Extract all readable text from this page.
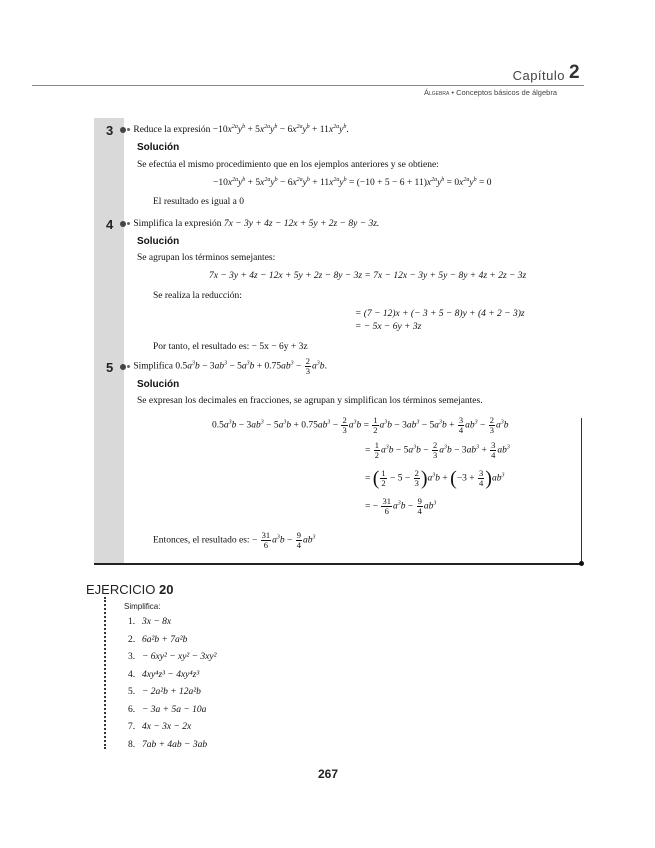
Capítulo 2
Álgebra • Conceptos básicos de álgebra
3	Reduce la expresión $-10x^{2a}y^b + 5x^{2a}y^b - 6x^{2a}y^b + 11x^{2a}y^b$.
Solución
Se efectúa el mismo procedimiento que en los ejemplos anteriores y se obtiene:
$-10x^{2a}y^b + 5x^{2a}y^b - 6x^{2a}y^b + 11x^{2a}y^b = (-10 + 5 - 6 + 11)x^{2a}y^b = 0x^{2a}y^b = 0$
El resultado es igual a 0
4	Simplifica la expresión 7x − 3y + 4z − 12x + 5y + 2z − 8y − 3z.
Solución
Se agrupan los términos semejantes:
7x − 3y + 4z − 12x + 5y + 2z − 8y − 3z = 7x − 12x − 3y + 5y − 8y + 4z + 2z − 3z
Se realiza la reducción:
= (7 − 12)x + (− 3 + 5 − 8)y + (4 + 2 − 3)z
= − 5x − 6y + 3z
Por tanto, el resultado es: − 5x − 6y + 3z
5	Simplifica $0.5a^3b - 3ab^3 - 5a^3b + 0.75ab^3 - \frac{2}{3} a^3b$.
Solución
Se expresan los decimales en fracciones, se agrupan y simplifican los términos semejantes.
$0.5a^3b - 3ab^3 - 5a^3b + 0.75ab^3 - \frac{2}{3} a^3b = \frac{1}{2} a^3b - 3ab^3 - 5a^3b + \frac{3}{4} ab^3 - \frac{2}{3} a^3b$
= $\frac{1}{2} a^3b - 5a^3b - \frac{2}{3} a^3b - 3ab^3 + \frac{3}{4} ab^3$
= ( $\frac{1}{2} - 5 - \frac{2}{3} )a^3b + (-3 + \frac{3}{4} )ab^3$
= − $\frac{31}{6} a^3b - \frac{9}{4} ab^3$
Entonces, el resultado es: − $\frac{31}{6} a^3b - \frac{9}{4} ab^3$
EJERCICIO 20
Simplifica:
1. 3x − 8x
2. 6a²b + 7a²b
3. − 6xy² − xy² − 3xy²
4. 4xy⁴z³ − 4xy⁴z³
5. − 2a²b + 12a²b
6. − 3a + 5a − 10a
7. 4x − 3x − 2x
8. 7ab + 4ab − 3ab
267
